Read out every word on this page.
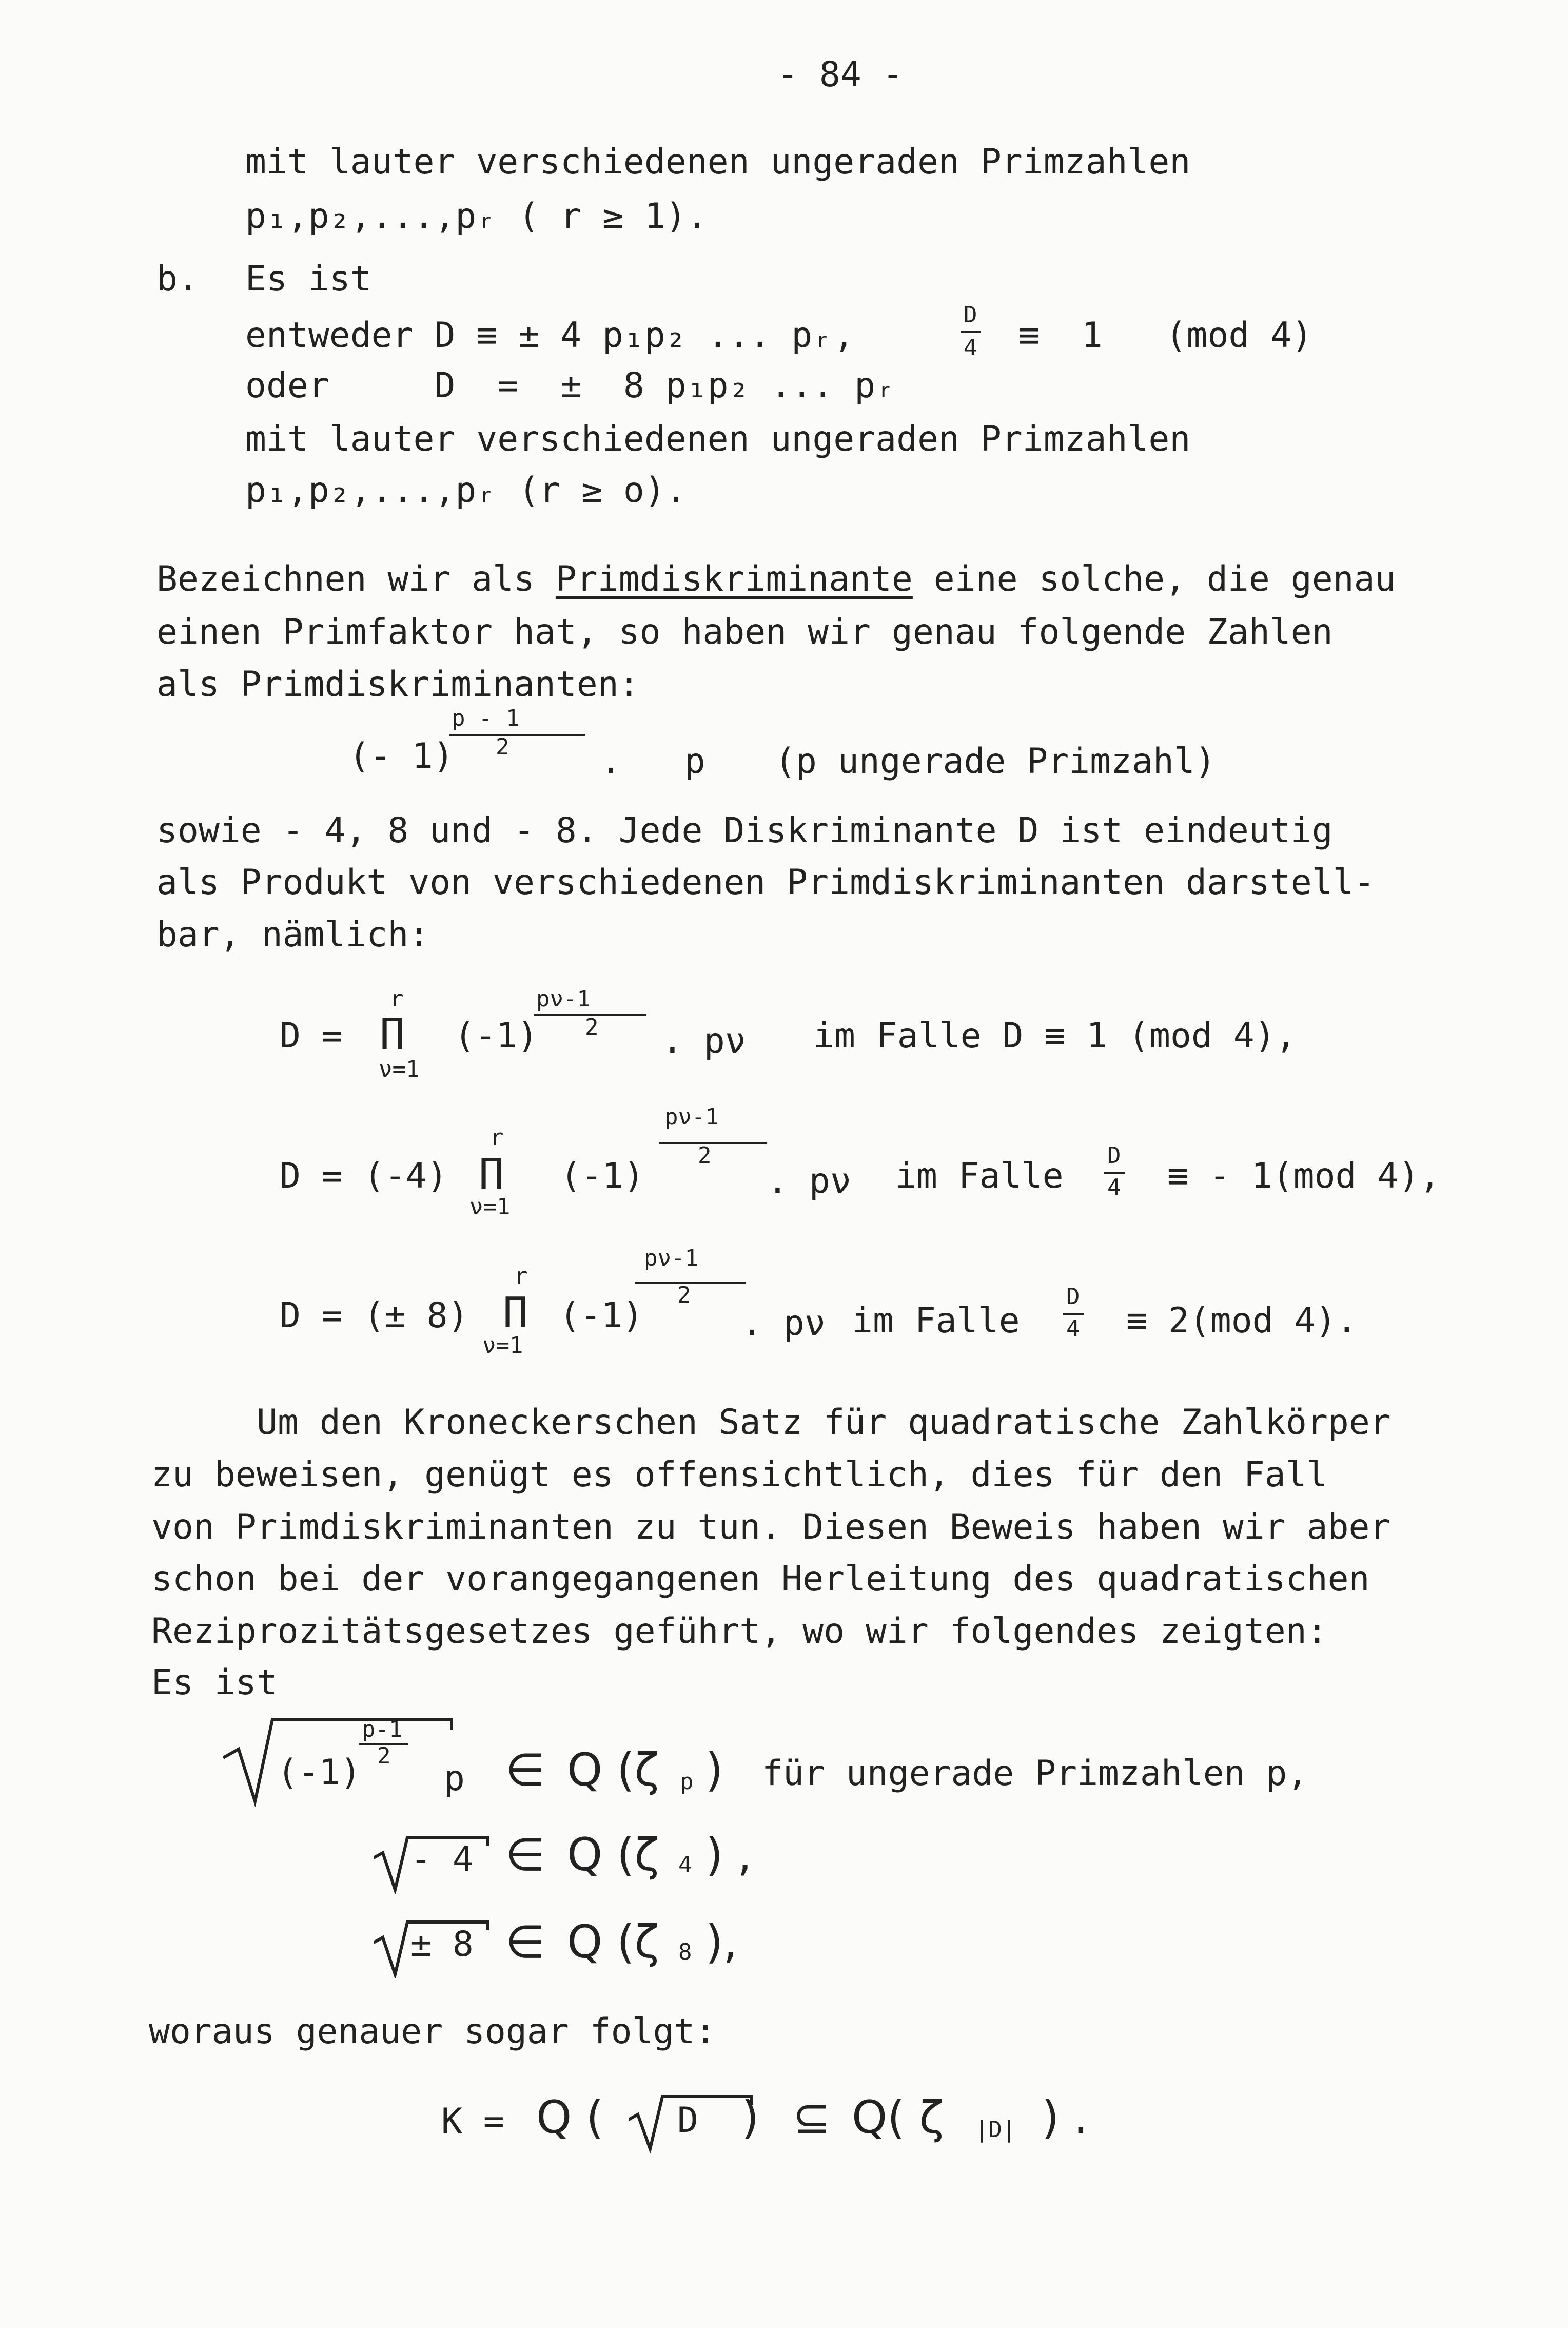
- 84 -
mit lauter verschiedenen ungeraden Primzahlen
p₁,p₂,...,pᵣ ( r ≥ 1).
b. Es ist
entweder D ≡ ± 4 p₁p₂ ... pᵣ,
D
4 ≡  1   (mod 4)
oder     D  =  ±  8 p₁p₂ ... pᵣ
mit lauter verschiedenen ungeraden Primzahlen
p₁,p₂,...,pᵣ (r ≥ o).
Bezeichnen wir als Primdiskriminante eine solche, die genau
einen Primfaktor hat, so haben wir genau folgende Zahlen
als Primdiskriminanten:
(- 1)
p - 1
2	.   p (p ungerade Primzahl)
sowie - 4, 8 und - 8. Jede Diskriminante D ist eindeutig
als Produkt von verschiedenen Primdiskriminanten darstell-
bar, nämlich:
D =
r
Π
ν=1
(-1)
pν-1
2 . pν im Falle D ≡ 1 (mod 4),
D = (-4)
r
Π
ν=1
(-1)
pν-1
2
. pν im Falle
D
4 ≡ - 1(mod 4),
D = (± 8)
r
Π
ν=1
(-1)
pν-1
2
. pν im Falle
D
4 ≡ 2(mod 4).
Um den Kroneckerschen Satz für quadratische Zahlkörper
zu beweisen, genügt es offensichtlich, dies für den Fall
von Primdiskriminanten zu tun. Diesen Beweis haben wir aber
schon bei der vorangegangenen Herleitung des quadratischen
Reziprozitätsgesetzes geführt, wo wir folgendes zeigten:
Es ist
(-1)
p-1
2
p ∈ Q (ζ p ) für ungerade Primzahlen p,
- 4 ∈ Q (ζ 4 ) ,
± 8 ∈ Q (ζ 8 ),
woraus genauer sogar folgt:
K = Q ( D ) ⊆ Q( ζ |D| ) .
